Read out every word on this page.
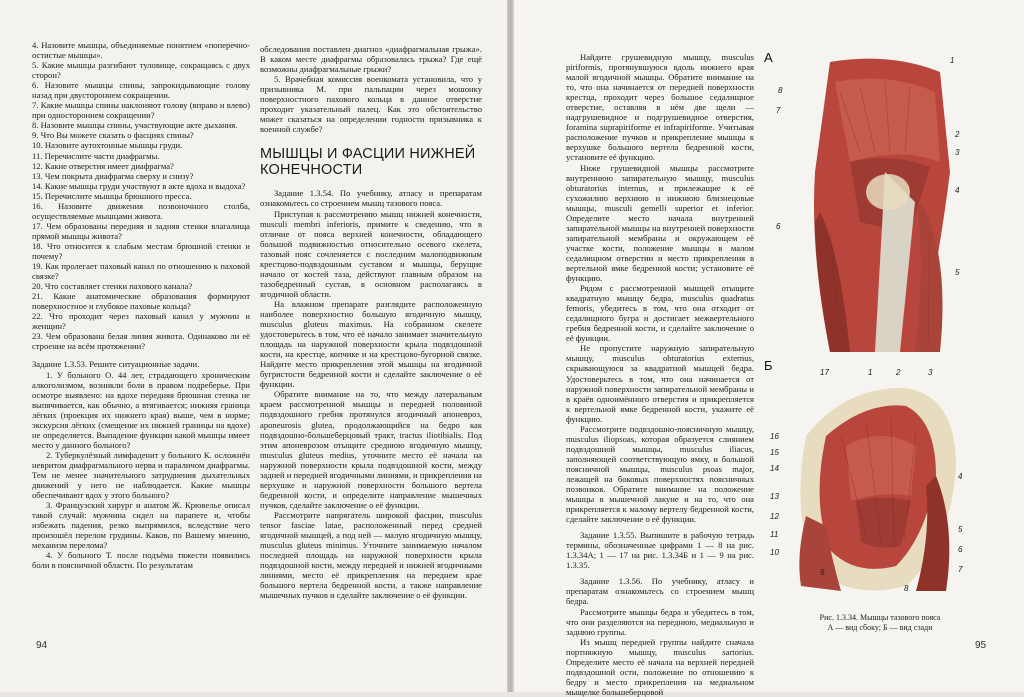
4. Назовите мышцы, объединяемые понятием «поперечно-остистые мышцы».

5. Какие мышцы разгибают туловище, сокращаясь с двух сторон?

6. Назовите мышцы спины, запрокидывающие голову назад при двустороннем сокращении.

7. Какие мышцы спины наклоняют голову (вправо и влево) при одностороннем сокращении?

8. Назовите мышцы спины, участвующие акте дыхания.

9. Что Вы можете сказать о фасциях спины?

10. Назовите аутохтонные мышцы груди.

11. Перечислите части диафрагмы.

12. Какие отверстия имеет диафрагма?

13. Чем покрыта диафрагма сверху и снизу?

14. Какие мышцы груди участвуют в акте вдоха и выдоха?

15. Перечислите мышцы брюшного пресса.

16. Назовите движения позвоночного столба, осуществляемые мышцами живота.

17. Чем образованы передняя и задняя стенки влагалища прямой мышцы живота?

18. Что относится к слабым местам брюшной стенки и почему?

19. Как пролегает паховый канал по отношению к паховой связке?

20. Что составляет стенки пахового канала?

21. Какие анатомические образования формируют поверхностное и глубокое паховые кольца?

22. Что проходит через паховый канал у мужчин и женщин?

23. Чем образована белая линия живота. Одинаково ли её строение на всём протяжении?

Задание 1.3.53. Решите ситуационные задачи.

1. У больного О. 44 лет, страдающего хроническим алкоголизмом, возникли боли в правом подреберье. При осмотре выявлено: на вдохе передняя брюшная стенка не выпячивается, как обычно, а втягивается; нижняя граница лёгких (проекция их нижнего края) выше, чем в норме; экскурсия лёгких (смещение их нижней границы на вдохе) не определяется. Выпадение функции какой мышцы имеет место у данного больного?

2. Туберкулёзный лимфаденит у больного К. осложнён невритом диафрагмального нерва и параличом диафрагмы. Тем не менее значительного затруднения дыхательных движений у него не наблюдается. Какие мышцы обеспечивают вдох у этого больного?

3. Французский хирург и анатом Ж. Крювелье описал такой случай: мужчина сидел на парапете и, чтобы избежать падения, резко выпрямился, вследствие чего произошёл перелом грудины. Каков, по Вашему мнению, механизм перелома?

4. У больного Т. после подъёма тяжести появились боли в поясничной области. По результатам

обследования поставлен диагноз «диафрагмальная грыжа». В каком месте диафрагмы образовалась грыжа? Где ещё возможны диафрагмальные грыжи?

5. Врачебная комиссия военкомата установила, что у призывника М. при пальпации через мошонку поверхностного пахового кольца в данное отверстие проходит указательный палец. Как это обстоятельство может сказаться на определении годности призывника к военной службе?

МЫШЦЫ И ФАСЦИИ НИЖНЕЙ КОНЕЧНОСТИ

Задание 1.3.54. По учебнику, атласу и препаратам ознакомьтесь со строением мышц тазового пояса.

Приступая к рассмотрению мышц нижней конечности, musculi membri inferioris, примите к сведению, что в отличие от пояса верхней конечности, обладающего большой подвижностью относительно осевого скелета, тазовый пояс сочленяется с последним малоподвижным крестцово-подвздошным суставом и мышцы, берущие начало от костей таза, действуют главным образом на тазобедренный сустав, в основном располагаясь в ягодичной области.

На влажном препарате разглядите расположенную наиболее поверхностно большую ягодичную мышцу, musculus gluteus maximus. На собранном скелете удостоверьтесь в том, что её начало занимает значительную площадь на наружной поверхности крыла подвздошной кости, на крестце, копчике и на крестцово-бугорной связке. Найдите место прикрепления этой мышцы на ягодичной бугристости бедренной кости и сделайте заключение о её функции.

Обратите внимание на то, что между латеральным краем рассмотренной мышцы и передней половиной подвздошного гребня протянулся ягодичный апоневроз, aponeurosis glutea, продолжающийся на бедро как подвздошно-большеберцовый тракт, tractus iliotibialis. Под этим апоневрозом отыщите среднюю ягодичную мышцу, musculus gluteus medius, уточните место её начала на наружной поверхности крыла подвздошной кости, между задней и передней ягодичными линиями, и прикрепления на верхушке и наружной поверхности большого вертела бедренной кости, и определите направление мышечных пучков, сделайте заключение о её функции.

Рассмотрите напрягатель широкой фасции, musculus tensor fasciae latae, расположенный перед средней ягодичной мышцей, а под ней — малую ягодичную мышцу, musculus gluteus minimus. Уточните занимаемую началом последней площадь на наружной поверхности крыла подвздошной кости, между передней и нижней ягодичными линиями, место её прикрепления на переднем крае большого вертела бедренной кости, а также направление мышечных пучков и сделайте заключение о её функции.

94

Найдите грушевидную мышцу, musculus piriformis, протянувшуюся вдоль нижнего края малой ягодичной мышцы. Обратите внимание на то, что она начинается от передней поверхности крестца, проходит через большое седалищное отверстие, оставляя в нём две щели — надгрушевидное и подгрушевидное отверстия, foramina suprapiriforme et infrapiriforme. Учитывая расположение пучков и прикрепление мышцы к верхушке большого вертела бедренной кости, установите её функцию.

Ниже грушевидной мышцы рассмотрите внутреннюю запирательную мышцу, musculus obturatorius internus, и прилежащие к её сухожилию верхнюю и нижнюю близнецовые мышцы, musculi gemelli superior et inferior. Определите место начала внутренней запирательной мышцы на внутренней поверхности запирательной мембраны и окружающем её участке кости, положение мышцы в малом седалищном отверстии и место прикрепления в вертельной ямке бедренной кости; установите её функцию.

Рядом с рассмотренной мышцей отыщите квадратную мышцу бедра, musculus quadratus femoris, убедитесь в том, что она отходит от седалищного бугра и достигает межвертельного гребня бедренной кости, и сделайте заключение о её функции.

Не пропустите наружную запирательную мышцу, musculus obturatorius externus, скрывающуюся за квадратной мышцей бедра. Удостоверьтесь в том, что она начинается от наружной поверхности запирательной мембраны и в краёв одноимённого отверстия и прикрепляется к вертельной ямке бедренной кости, укажите её функцию.

Рассмотрите подвздошно-поясничную мышцу, musculus iliopsoas, которая образуется слиянием подвздошной мышцы, musculus iliacus, заполняющей соответствующую ямку, и большой поясничной мышцы, musculus psoas major, лежащей на боковых поверхностях поясничных позвонков. Обратите внимание на положение мышцы в мышечной лакуне и на то, что она прикрепляется к малому вертелу бедренной кости, сделайте заключение о её функции.

Задание 1.3.55. Выпишите в рабочую тетрадь термины, обозначенные цифрами 1 — 8 на рис. 1.3.34А; 1 — 17 на рис. 1.3.34Б и 1 — 9 на рис. 1.3.35.

Задание 1.3.56. По учебнику, атласу и препаратам ознакомьтесь со строением мышц бедра.

Рассмотрите мышцы бедра и убедитесь в том, что они разделяются на переднюю, медиальную и заднюю группы.

Из мышц передней группы найдите сначала портняжную мышцу, musculus sartorius. Определите место её начала на верхней передней подвздошной ости, положение по отношению к бедру и место прикрепления на медиальном мыщелке большеберцовой

А
8
7
1
2
3
4
6
5
Б	17	1	2	3
16
15
14
13
12
11
10
4
5
6
9
8
7
Рис. 1.3.34. Мышцы тазового пояса
А — вид сбоку; Б — вид сзади
95
